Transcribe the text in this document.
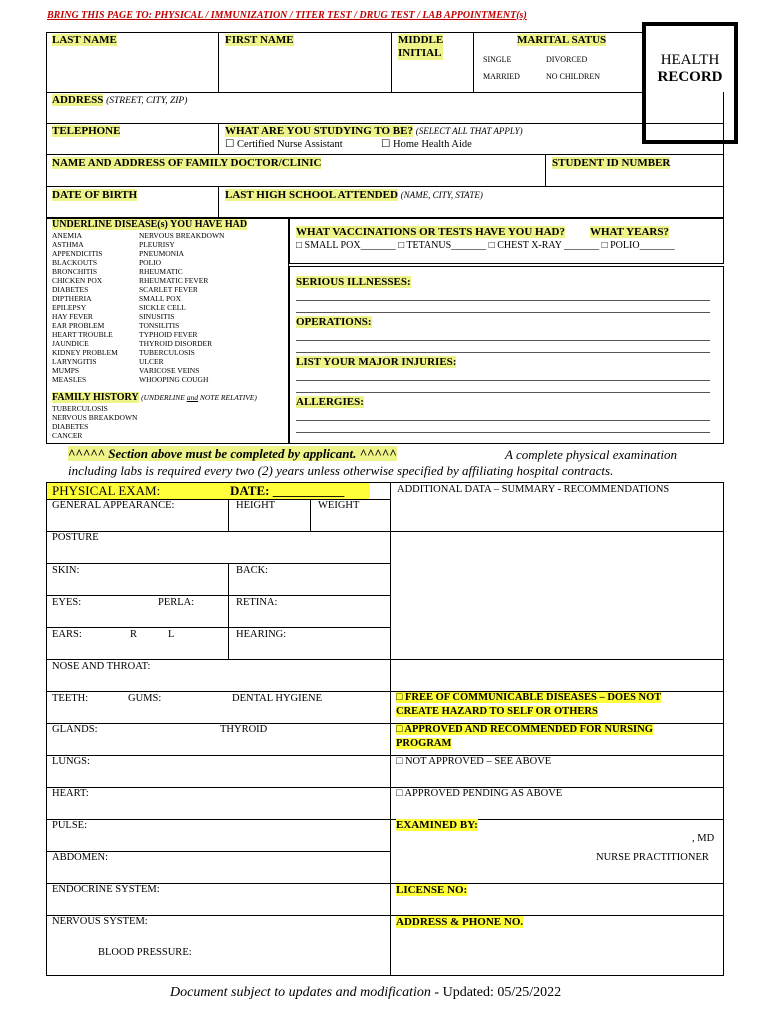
BRING THIS PAGE TO: PHYSICAL / IMMUNIZATION / TITER TEST / DRUG TEST / LAB APPOINTMENT(s)
HEALTH
RECORD
LAST NAME	FIRST NAME	MIDDLE
INITIAL
MARITAL SATUS
SINGLE	DIVORCED
MARRIED	NO CHILDREN
ADDRESS (STREET, CITY, ZIP)
TELEPHONE	WHAT ARE YOU STUDYING TO BE? (SELECT ALL THAT APPLY)
☐ Certified Nurse Assistant	☐ Home Health Aide
NAME AND ADDRESS OF FAMILY DOCTOR/CLINIC	STUDENT ID NUMBER
DATE OF BIRTH	LAST HIGH SCHOOL ATTENDED (NAME, CITY, STATE)
UNDERLINE DISEASE(s) YOU HAVE HAD
ANEMIA
ASTHMA
APPENDICITIS
BLACKOUTS
BRONCHITIS
CHICKEN POX
DIABETES
DIPTHERIA
EPILEPSY
HAY FEVER
EAR PROBLEM
HEART TROUBLE
JAUNDICE
KIDNEY PROBLEM
LARYNGITIS
MUMPS
MEASLES
NERVOUS BREAKDOWN
PLEURISY
PNEUMONIA
POLIO
RHEUMATIC
RHEUMATIC FEVER
SCARLET FEVER
SMALL POX
SICKLE CELL
SINUSITIS
TONSILITIS
TYPHOID FEVER
THYROID DISORDER
TUBERCULOSIS
ULCER
VARICOSE VEINS
WHOOPING COUGH
FAMILY HISTORY (UNDERLINE and NOTE RELATIVE)
TUBERCULOSIS
NERVOUS BREAKDOWN
DIABETES
CANCER
WHAT VACCINATIONS OR TESTS HAVE YOU HAD? WHAT YEARS?
□ SMALL POX_______ □ TETANUS_______ □ CHEST X-RAY _______ □ POLIO_______
SERIOUS ILLNESSES:
OPERATIONS:
LIST YOUR MAJOR INJURIES:
ALLERGIES:
^^^^^ Section above must be completed by applicant. ^^^^^	A complete physical examination
including labs is required every two (2) years unless otherwise specified by affiliating hospital contracts.
PHYSICAL EXAM:	DATE: ___________	ADDITIONAL DATA – SUMMARY - RECOMMENDATIONS
GENERAL APPEARANCE:	HEIGHT	WEIGHT
POSTURE
SKIN:	BACK:
EYES:	PERLA:	RETINA:
EARS:	R	L	HEARING:
NOSE AND THROAT:
TEETH:	GUMS:	DENTAL HYGIENE
GLANDS:	THYROID
LUNGS:
HEART:
PULSE:
ABDOMEN:
ENDOCRINE SYSTEM:
NERVOUS SYSTEM:
BLOOD PRESSURE:
□ FREE OF COMMUNICABLE DISEASES – DOES NOT
CREATE HAZARD TO SELF OR OTHERS
□ APPROVED AND RECOMMENDED FOR NURSING
PROGRAM
□ NOT APPROVED – SEE ABOVE
□ APPROVED PENDING AS ABOVE
EXAMINED BY:
, MD
NURSE PRACTITIONER
LICENSE NO:
ADDRESS & PHONE NO.
Document subject to updates and modification - Updated: 05/25/2022
